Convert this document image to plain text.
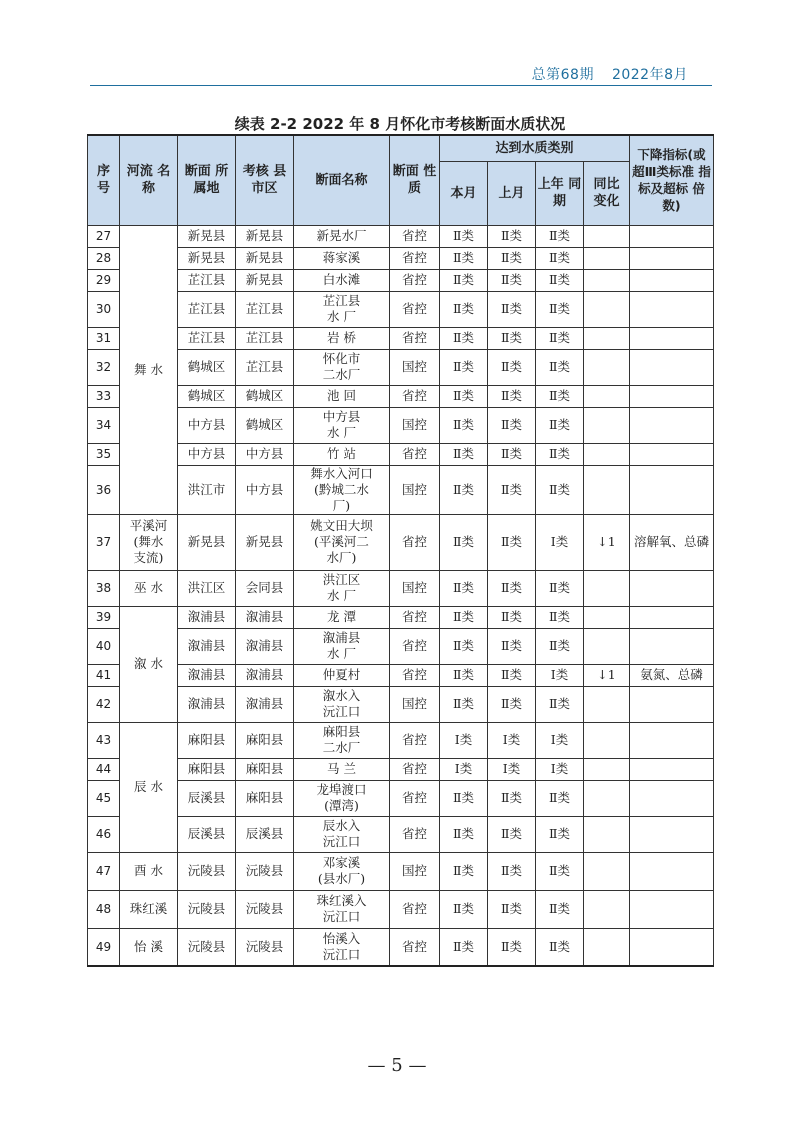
总第68期 2022年8月
续表 2-2 2022 年 8 月怀化市考核断面水质状况
序 号	河流 名称	断面 所属地	考核 县市区	断面名称	断面 性质	达到水质类别				下降指标(或 超Ⅲ类标准 指标及超标 倍数)
						本月	上月	上年 同期	同比 变化	
27	舞 水	新晃县	新晃县	新晃水厂	省控	Ⅱ类	Ⅱ类	Ⅱ类		
28		新晃县	新晃县	蒋家溪	省控	Ⅱ类	Ⅱ类	Ⅱ类		
29		芷江县	新晃县	白水滩	省控	Ⅱ类	Ⅱ类	Ⅱ类		
30		芷江县	芷江县	芷江县
水 厂	省控	Ⅱ类	Ⅱ类	Ⅱ类		
31		芷江县	芷江县	岩 桥	省控	Ⅱ类	Ⅱ类	Ⅱ类		
32		鹤城区	芷江县	怀化市
二水厂	国控	Ⅱ类	Ⅱ类	Ⅱ类		
33		鹤城区	鹤城区	池 回	省控	Ⅱ类	Ⅱ类	Ⅱ类		
34		中方县	鹤城区	中方县
水 厂	国控	Ⅱ类	Ⅱ类	Ⅱ类		
35		中方县	中方县	竹 站	省控	Ⅱ类	Ⅱ类	Ⅱ类		
36		洪江市	中方县	舞水入河口
(黔城二水
厂)	国控	Ⅱ类	Ⅱ类	Ⅱ类		
37	平溪河
(舞水
支流)	新晃县	新晃县	姚文田大坝
(平溪河二
水厂)	省控	Ⅱ类	Ⅱ类	Ⅰ类	↓1	溶解氧、总磷
38	巫 水	洪江区	会同县	洪江区
水 厂	国控	Ⅱ类	Ⅱ类	Ⅱ类		
39	溆 水	溆浦县	溆浦县	龙 潭	省控	Ⅱ类	Ⅱ类	Ⅱ类		
40		溆浦县	溆浦县	溆浦县
水 厂	省控	Ⅱ类	Ⅱ类	Ⅱ类		
41		溆浦县	溆浦县	仲夏村	省控	Ⅱ类	Ⅱ类	Ⅰ类	↓1	氨氮、总磷
42		溆浦县	溆浦县	溆水入
沅江口	国控	Ⅱ类	Ⅱ类	Ⅱ类		
43	辰 水	麻阳县	麻阳县	麻阳县
二水厂	省控	Ⅰ类	Ⅰ类	Ⅰ类		
44		麻阳县	麻阳县	马 兰	省控	Ⅰ类	Ⅰ类	Ⅰ类		
45		辰溪县	麻阳县	龙埠渡口
(潭湾)	省控	Ⅱ类	Ⅱ类	Ⅱ类		
46		辰溪县	辰溪县	辰水入
沅江口	省控	Ⅱ类	Ⅱ类	Ⅱ类		
47	酉 水	沅陵县	沅陵县	邓家溪
(县水厂)	国控	Ⅱ类	Ⅱ类	Ⅱ类		
48	珠红溪	沅陵县	沅陵县	珠红溪入
沅江口	省控	Ⅱ类	Ⅱ类	Ⅱ类		
49	怡 溪	沅陵县	沅陵县	怡溪入
沅江口	省控	Ⅱ类	Ⅱ类	Ⅱ类		
— 5 —
